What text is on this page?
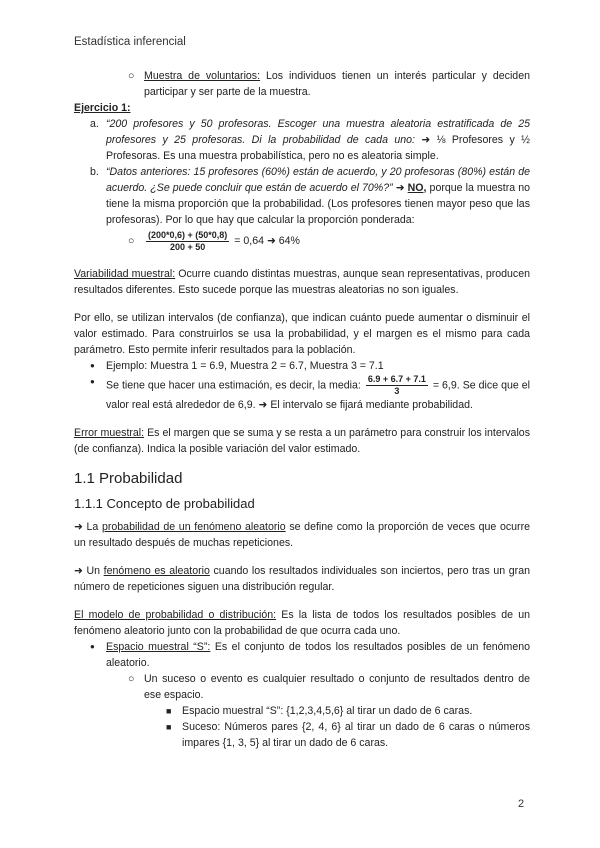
Estadística inferencial
○ Muestra de voluntarios: Los individuos tienen un interés particular y deciden participar y ser parte de la muestra.

Ejercicio 1:

a. “200 profesores y 50 profesoras. Escoger una muestra aleatoria estratificada de 25 profesores y 25 profesoras. Di la probabilidad de cada uno: ➜ ⅛ Profesores y ½ Profesoras. Es una muestra probabilística, pero no es aleatoria simple.
b. “Datos anteriores: 15 profesores (60%) están de acuerdo, y 20 profesoras (80%) están de acuerdo. ¿Se puede concluir que están de acuerdo el 70%?” ➜ NO, porque la muestra no tiene la misma proporción que la probabilidad. (Los profesores tienen mayor peso que las profesoras). Por lo que hay que calcular la proporción ponderada:
○ $\frac{(200*0,6) + (50*0,8)}{200 + 50} = 0,64$ ➜ 64%

Variabilidad muestral: Ocurre cuando distintas muestras, aunque sean representativas, producen resultados diferentes. Esto sucede porque las muestras aleatorias no son iguales.

Por ello, se utilizan intervalos (de confianza), que indican cuánto puede aumentar o disminuir el valor estimado. Para construirlos se usa la probabilidad, y el margen es el mismo para cada parámetro. Esto permite inferir resultados para la población.

● Ejemplo: Muestra 1 = 6.9, Muestra 2 = 6.7, Muestra 3 = 7.1
● Se tiene que hacer una estimación, es decir, la media: $\frac{6.9 + 6.7 + 7.1}{3} = 6,9$. Se dice que el valor real está alrededor de 6,9. ➜ El intervalo se fijará mediante probabilidad.

Error muestral: Es el margen que se suma y se resta a un parámetro para construir los intervalos (de confianza). Indica la posible variación del valor estimado.

1.1 Probabilidad
1.1.1 Concepto de probabilidad

➜ La probabilidad de un fenómeno aleatorio se define como la proporción de veces que ocurre un resultado después de muchas repeticiones.

➜ Un fenómeno es aleatorio cuando los resultados individuales son inciertos, pero tras un gran número de repeticiones siguen una distribución regular.

El modelo de probabilidad o distribución: Es la lista de todos los resultados posibles de un fenómeno aleatorio junto con la probabilidad de que ocurra cada uno.

● Espacio muestral “S”: Es el conjunto de todos los resultados posibles de un fenómeno aleatorio.
○ Un suceso o evento es cualquier resultado o conjunto de resultados dentro de ese espacio.
■ Espacio muestral “S”: {1,2,3,4,5,6} al tirar un dado de 6 caras.
■ Suceso: Números pares {2, 4, 6} al tirar un dado de 6 caras o números impares {1, 3, 5} al tirar un dado de 6 caras.
2
